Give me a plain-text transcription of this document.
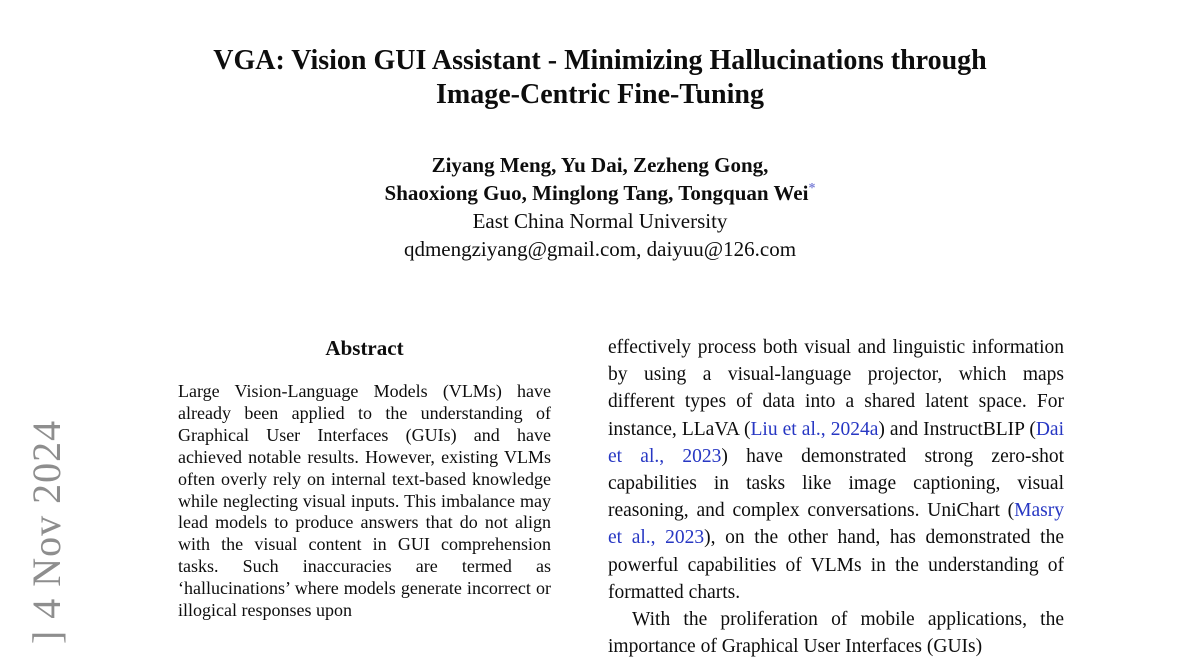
] 4 Nov 2024
VGA: Vision GUI Assistant - Minimizing Hallucinations through
Image-Centric Fine-Tuning
Ziyang Meng, Yu Dai, Zezheng Gong,
Shaoxiong Guo, Minglong Tang, Tongquan Wei*
East China Normal University
qdmengziyang@gmail.com, daiyuu@126.com
Abstract

Large Vision-Language Models (VLMs) have already been applied to the understanding of Graphical User Interfaces (GUIs) and have achieved notable results. However, existing VLMs often overly rely on internal text-based knowledge while neglecting visual inputs. This imbalance may lead models to produce answers that do not align with the visual content in GUI comprehension tasks. Such inaccuracies are termed as ‘hallucinations’ where models generate incorrect or illogical responses upon

effectively process both visual and linguistic information by using a visual-language projector, which maps different types of data into a shared latent space. For instance, LLaVA (Liu et al., 2024a) and InstructBLIP (Dai et al., 2023) have demonstrated strong zero-shot capabilities in tasks like image captioning, visual reasoning, and complex conversations. UniChart (Masry et al., 2023), on the other hand, has demonstrated the powerful capabilities of VLMs in the understanding of formatted charts.

With the proliferation of mobile applications, the importance of Graphical User Interfaces (GUIs)
